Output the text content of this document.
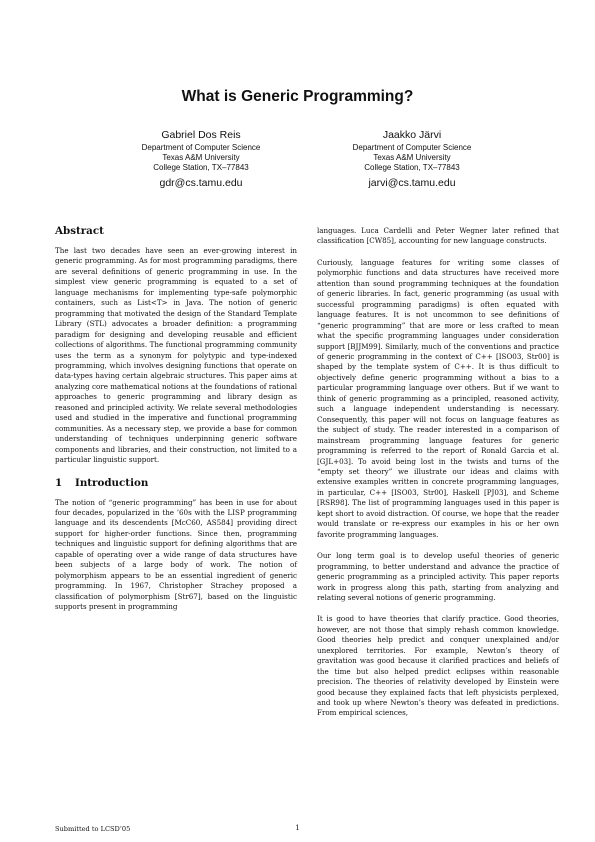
What is Generic Programming?
Gabriel Dos Reis
Department of Computer Science
Texas A&M University
College Station, TX–77843
gdr@cs.tamu.edu
Jaakko Järvi
Department of Computer Science
Texas A&M University
College Station, TX–77843
jarvi@cs.tamu.edu
Abstract

The last two decades have seen an ever-growing interest in generic programming. As for most programming paradigms, there are several definitions of generic programming in use. In the simplest view generic programming is equated to a set of language mechanisms for implementing type-safe polymorphic containers, such as List<T> in Java. The notion of generic programming that motivated the design of the Standard Template Library (STL) advocates a broader definition: a programming paradigm for designing and developing reusable and efficient collections of algorithms. The functional programming community uses the term as a synonym for polytypic and type-indexed programming, which involves designing functions that operate on data-types having certain algebraic structures. This paper aims at analyzing core mathematical notions at the foundations of rational approaches to generic programming and library design as reasoned and principled activity. We relate several methodologies used and studied in the imperative and functional programming communities. As a necessary step, we provide a base for common understanding of techniques underpinning generic software components and libraries, and their construction, not limited to a particular linguistic support.

1 Introduction

The notion of “generic programming” has been in use for about four decades, popularized in the ’60s with the LISP programming language and its descendents [McC60, AS584] providing direct support for higher-order functions. Since then, programming techniques and linguistic support for defining algorithms that are capable of operating over a wide range of data structures have been subjects of a large body of work. The notion of polymorphism appears to be an essential ingredient of generic programming. In 1967, Christopher Strachey proposed a classification of polymorphism [Str67], based on the linguistic supports present in programming

languages. Luca Cardelli and Peter Wegner later refined that classification [CW85], accounting for new language constructs.

Curiously, language features for writing some classes of polymorphic functions and data structures have received more attention than sound programming techniques at the foundation of generic libraries. In fact, generic programming (as usual with successful programming paradigms) is often equated with language features. It is not uncommon to see definitions of “generic programming” that are more or less crafted to mean what the specific programming languages under consideration support [BJJM99]. Similarly, much of the conventions and practice of generic programming in the context of C++ [ISO03, Str00] is shaped by the template system of C++. It is thus difficult to objectively define generic programming without a bias to a particular programming language over others. But if we want to think of generic programming as a principled, reasoned activity, such a language independent understanding is necessary. Consequently, this paper will not focus on language features as the subject of study. The reader interested in a comparison of mainstream programming language features for generic programming is referred to the report of Ronald Garcia et al. [GJL+03]. To avoid being lost in the twists and turns of the “empty set theory” we illustrate our ideas and claims with extensive examples written in concrete programming languages, in particular, C++ [ISO03, Str00], Haskell [PJ03], and Scheme [RSR98]. The list of programming languages used in this paper is kept short to avoid distraction. Of course, we hope that the reader would translate or re-express our examples in his or her own favorite programming languages.

Our long term goal is to develop useful theories of generic programming, to better understand and advance the practice of generic programming as a principled activity. This paper reports work in progress along this path, starting from analyzing and relating several notions of generic programming.

It is good to have theories that clarify practice. Good theories, however, are not those that simply rehash common knowledge. Good theories help predict and conquer unexplained and/or unexplored territories. For example, Newton’s theory of gravitation was good because it clarified practices and beliefs of the time but also helped predict eclipses within reasonable precision. The theories of relativity developed by Einstein were good because they explained facts that left physicists perplexed, and took up where Newton’s theory was defeated in predictions. From empirical sciences,

Submitted to LCSD’05	1
